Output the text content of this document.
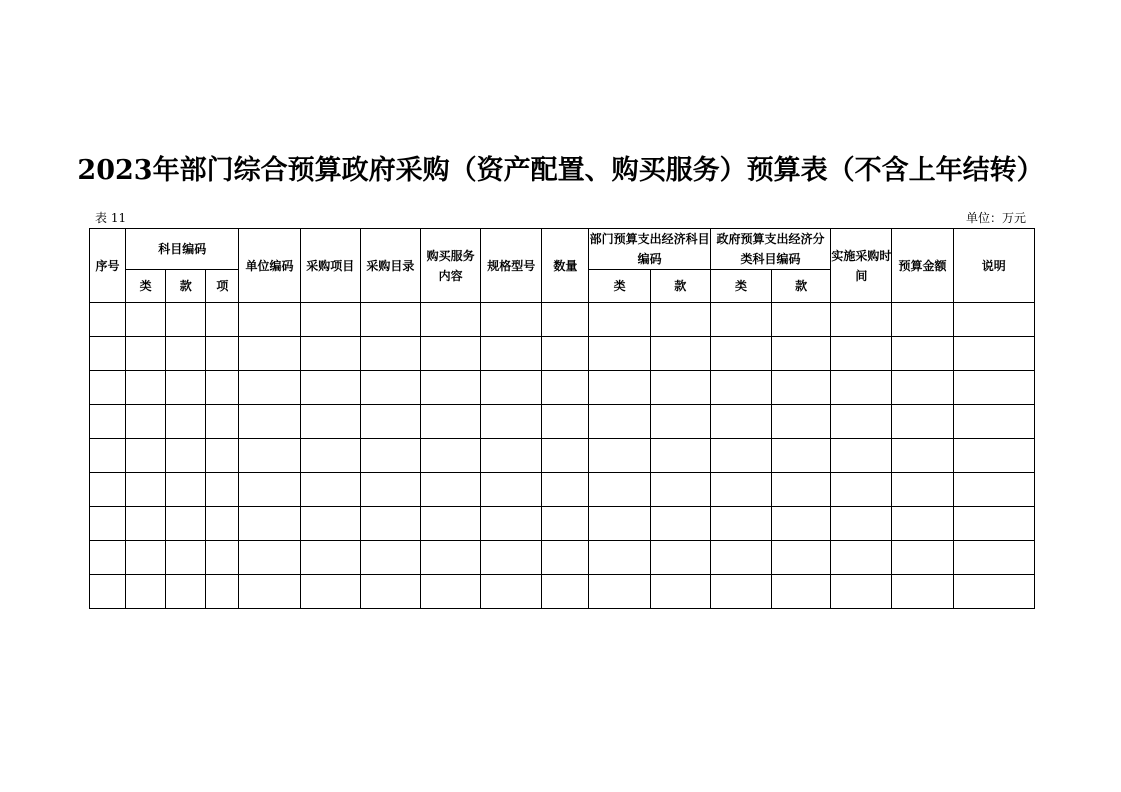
2023年部门综合预算政府采购（资产配置、购买服务）预算表（不含上年结转）
表 11	单位：万元
序号	科目编码			单位编码	采购项目	采购目录	购买服务内容	规格型号	数量	部门预算支出经济科目编码		政府预算支出经济分类科目编码		实施采购时间	预算金额	说明
	类	款	项							类	款	类	款			
